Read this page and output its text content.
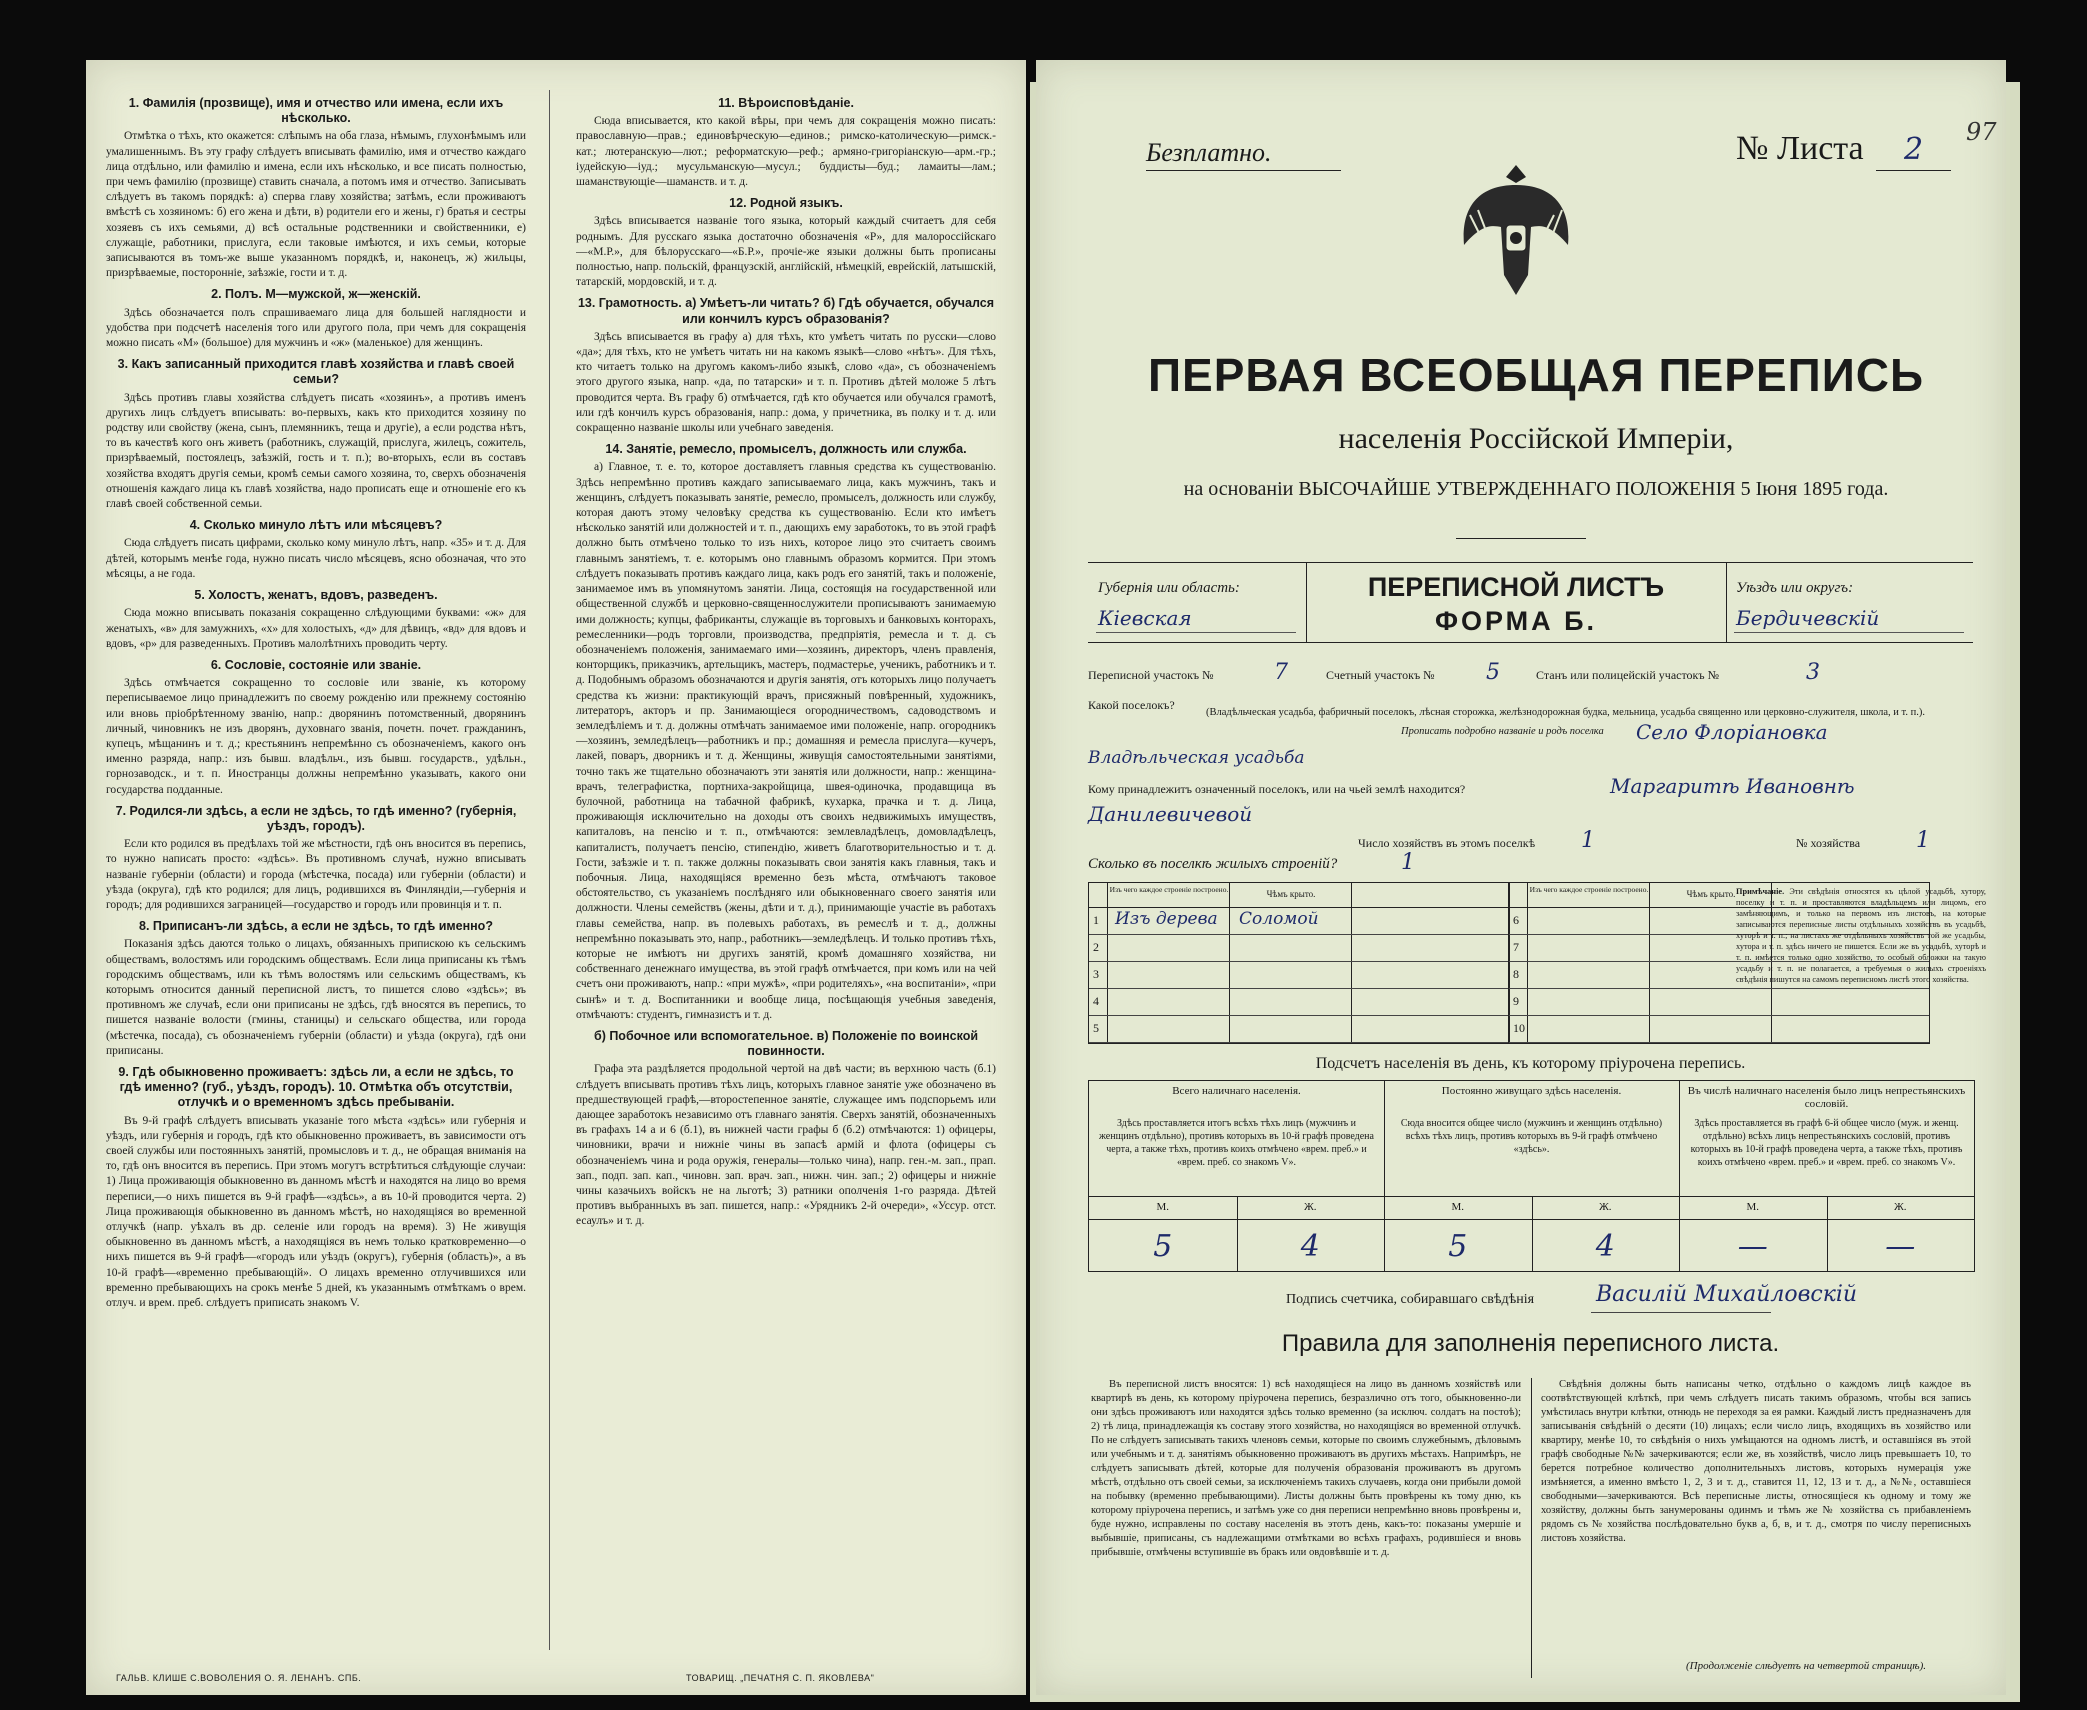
1. Фамилія (прозвище), имя и отчество или имена, если ихъ нѣсколько.

Отмѣтка о тѣхъ, кто окажется: слѣпымъ на оба глаза, нѣмымъ, глухонѣмымъ или умалишеннымъ. Въ эту графу слѣдуетъ вписывать фамилію, имя и отчество каждаго лица отдѣльно, или фамилію и имена, если ихъ нѣсколько, и все писать полностью, при чемъ фамилію (прозвище) ставить сначала, а потомъ имя и отчество. Записывать слѣдуетъ въ такомъ порядкѣ: а) сперва главу хозяйства; затѣмъ, если проживаютъ вмѣстѣ съ хозяиномъ: б) его жена и дѣти, в) родители его и жены, г) братья и сестры хозяевъ съ ихъ семьями, д) всѣ остальные родственники и свойственники, е) служащіе, работники, прислуга, если таковые имѣются, и ихъ семьи, которые записываются въ томъ-же выше указанномъ порядкѣ, и, наконецъ, ж) жильцы, призрѣваемые, посторонніе, заѣзжіе, гости и т. д.

2. Полъ. М—мужской, ж—женскій.

Здѣсь обозначается полъ спрашиваемаго лица для большей наглядности и удобства при подсчетѣ населенія того или другого пола, при чемъ для сокращенія можно писать «М» (большое) для мужчинъ и «ж» (маленькое) для женщинъ.

3. Какъ записанный приходится главѣ хозяйства и главѣ своей семьи?

Здѣсь противъ главы хозяйства слѣдуетъ писать «хозяинъ», а противъ именъ другихъ лицъ слѣдуетъ вписывать: во-первыхъ, какъ кто приходится хозяину по родству или свойству (жена, сынъ, племянникъ, теща и другіе), а если родства нѣтъ, то въ качествѣ кого онъ живетъ (работникъ, служащій, прислуга, жилецъ, сожитель, призрѣваемый, постоялецъ, заѣзжій, гость и т. п.); во-вторыхъ, если въ составъ хозяйства входятъ другія семьи, кромѣ семьи самого хозяина, то, сверхъ обозначенія отношенія каждаго лица къ главѣ хозяйства, надо прописать еще и отношеніе его къ главѣ своей собственной семьи.

4. Сколько минуло лѣтъ или мѣсяцевъ?

Сюда слѣдуетъ писать цифрами, сколько кому минуло лѣтъ, напр. «35» и т. д. Для дѣтей, которымъ менѣе года, нужно писать число мѣсяцевъ, ясно обозначая, что это мѣсяцы, а не года.

5. Холостъ, женатъ, вдовъ, разведенъ.

Сюда можно вписывать показанія сокращенно слѣдующими буквами: «ж» для женатыхъ, «в» для замужнихъ, «х» для холостыхъ, «д» для дѣвицъ, «вд» для вдовъ и вдовъ, «р» для разведенныхъ. Противъ малолѣтнихъ проводить черту.

6. Сословіе, состояніе или званіе.

Здѣсь отмѣчается сокращенно то сословіе или званіе, къ которому переписываемое лицо принадлежитъ по своему рожденію или прежнему состоянію или вновь пріобрѣтенному званію, напр.: дворянинъ потомственный, дворянинъ личный, чиновникъ не изъ дворянъ, духовнаго званія, почетн. почет. гражданинъ, купецъ, мѣщанинъ и т. д.; крестьянинъ непремѣнно съ обозначеніемъ, какого онъ именно разряда, напр.: изъ бывш. владѣльч., изъ бывш. государств., удѣльн., горнозаводск., и т. п. Иностранцы должны непремѣнно указывать, какого они государства подданные.

7. Родился-ли здѣсь, а если не здѣсь, то гдѣ именно? (губернія, уѣздъ, городъ).

Если кто родился въ предѣлахъ той же мѣстности, гдѣ онъ вносится въ перепись, то нужно написать просто: «здѣсь». Въ противномъ случаѣ, нужно вписывать названіе губерніи (области) и города (мѣстечка, посада) или губерніи (области) и уѣзда (округа), гдѣ кто родился; для лицъ, родившихся въ Финляндіи,—губернія и городъ; для родившихся заграницей—государство и городъ или провинція и т. п.

8. Приписанъ-ли здѣсь, а если не здѣсь, то гдѣ именно?

Показанія здѣсь даются только о лицахъ, обязанныхъ припискою къ сельскимъ обществамъ, волостямъ или городскимъ обществамъ. Если лица приписаны къ тѣмъ городскимъ обществамъ, или къ тѣмъ волостямъ или сельскимъ обществамъ, къ которымъ относится данный переписной листъ, то пишется слово «здѣсь»; въ противномъ же случаѣ, если они приписаны не здѣсь, гдѣ вносятся въ перепись, то пишется названіе волости (гмины, станицы) и сельскаго общества, или города (мѣстечка, посада), съ обозначеніемъ губерніи (области) и уѣзда (округа), гдѣ они приписаны.

9. Гдѣ обыкновенно проживаетъ: здѣсь ли, а если не здѣсь, то гдѣ именно? (губ., уѣздъ, городъ). 10. Отмѣтка объ отсутствіи, отлучкѣ и о временномъ здѣсь пребываніи.

Въ 9-й графѣ слѣдуетъ вписывать указаніе того мѣста «здѣсь» или губернія и уѣздъ, или губернія и городъ, гдѣ кто обыкновенно проживаетъ, въ зависимости отъ своей службы или постоянныхъ занятій, промысловъ и т. д., не обращая вниманія на то, гдѣ онъ вносится въ перепись. При этомъ могутъ встрѣтиться слѣдующіе случаи: 1) Лица проживающія обыкновенно въ данномъ мѣстѣ и находятся на лицо во время переписи,—о нихъ пишется въ 9-й графѣ—«здѣсь», а въ 10-й проводится черта. 2) Лица проживающія обыкновенно въ данномъ мѣстѣ, но находящіяся во временной отлучкѣ (напр. уѣхалъ въ др. селеніе или городъ на время). 3) Не живущія обыкновенно въ данномъ мѣстѣ, а находящіяся въ немъ только кратковременно—о нихъ пишется въ 9-й графѣ—«городъ или уѣздъ (округъ), губернія (область)», а въ 10-й графѣ—«временно пребывающій». О лицахъ временно отлучившихся или временно пребывающихъ на срокъ менѣе 5 дней, къ указаннымъ отмѣткамъ о врем. отлуч. и врем. преб. слѣдуетъ приписать знакомъ V.

11. Вѣроисповѣданіе.

Сюда вписывается, кто какой вѣры, при чемъ для сокращенія можно писать: православную—прав.; единовѣрческую—единов.; римско-католическую—римск.-кат.; лютеранскую—лют.; реформатскую—реф.; армяно-григоріанскую—арм.-гр.; іудейскую—іуд.; мусульманскую—мусул.; буддисты—буд.; ламаиты—лам.; шаманствующіе—шаманств. и т. д.

12. Родной языкъ.

Здѣсь вписывается названіе того языка, который каждый считаетъ для себя роднымъ. Для русскаго языка достаточно обозначенія «Р», для малороссійскаго—«М.Р.», для бѣлорусскаго—«Б.Р.», прочіе-же языки должны быть прописаны полностью, напр. польскій, французскій, англійскій, нѣмецкій, еврейскій, латышскій, татарскій, мордовскій, и т. д.

13. Грамотность. а) Умѣетъ-ли читать? б) Гдѣ обучается, обучался или кончилъ курсъ образованія?

Здѣсь вписывается въ графу а) для тѣхъ, кто умѣетъ читать по русски—слово «да»; для тѣхъ, кто не умѣетъ читать ни на какомъ языкѣ—слово «нѣтъ». Для тѣхъ, кто читаетъ только на другомъ какомъ-либо языкѣ, слово «да», съ обозначеніемъ этого другого языка, напр. «да, по татарски» и т. п. Противъ дѣтей моложе 5 лѣтъ проводится черта. Въ графу б) отмѣчается, гдѣ кто обучается или обучался грамотѣ, или гдѣ кончилъ курсъ образованія, напр.: дома, у причетника, въ полку и т. д. или сокращенно названіе школы или учебнаго заведенія.

14. Занятіе, ремесло, промыселъ, должность или служба.

а) Главное, т. е. то, которое доставляетъ главныя средства къ существованію. Здѣсь непремѣнно противъ каждаго записываемаго лица, какъ мужчинъ, такъ и женщинъ, слѣдуетъ показывать занятіе, ремесло, промыселъ, должность или службу, которая даютъ этому человѣку средства къ существованію. Если кто имѣетъ нѣсколько занятій или должностей и т. п., дающихъ ему заработокъ, то въ этой графѣ должно быть отмѣчено только то изъ нихъ, которое лицо это считаетъ своимъ главнымъ занятіемъ, т. е. которымъ оно главнымъ образомъ кормится. При этомъ слѣдуетъ показывать противъ каждаго лица, какъ родъ его занятій, такъ и положеніе, занимаемое имъ въ упомянутомъ занятіи. Лица, состоящія на государственной или общественной службѣ и церковно-священнослужители прописываютъ занимаемую ими должность; купцы, фабриканты, служащіе въ торговыхъ и банковыхъ конторахъ, ремесленники—родъ торговли, производства, предпріятія, ремесла и т. д. съ обозначеніемъ положенія, занимаемаго ими—хозяинъ, директоръ, членъ правленія, конторщикъ, приказчикъ, артельщикъ, мастеръ, подмастерье, ученикъ, работникъ и т. д. Подобнымъ образомъ обозначаются и другія занятія, отъ которыхъ лицо получаетъ средства къ жизни: практикующій врачъ, присяжный повѣренный, художникъ, литераторъ, акторъ и пр. Занимающіеся огородничествомъ, садоводствомъ и земледѣліемъ и т. д. должны отмѣчать занимаемое ими положеніе, напр. огородникъ—хозяинъ, земледѣлецъ—работникъ и пр.; домашняя и ремесла прислуга—кучеръ, лакей, поваръ, дворникъ и т. д. Женщины, живущія самостоятельными занятіями, точно такъ же тщательно обозначаютъ эти занятія или должности, напр.: женщина-врачъ, телеграфистка, портниха-закройщица, швея-одиночка, продавщица въ булочной, работница на табачной фабрикѣ, кухарка, прачка и т. д. Лица, проживающія исключительно на доходы отъ своихъ недвижимыхъ имуществъ, капиталовъ, на пенсію и т. п., отмѣчаются: землевладѣлецъ, домовладѣлецъ, капиталистъ, получаетъ пенсію, стипендію, живетъ благотворительностью и т. д. Гости, заѣзжіе и т. п. также должны показывать свои занятія какъ главныя, такъ и побочныя. Лица, находящіяся временно безъ мѣста, отмѣчаютъ таковое обстоятельство, съ указаніемъ послѣдняго или обыкновеннаго своего занятія или должности. Члены семействъ (жены, дѣти и т. д.), принимающіе участіе въ работахъ главы семейства, напр. въ полевыхъ работахъ, въ ремеслѣ и т. д., должны непремѣнно показывать это, напр., работникъ—земледѣлецъ. И только противъ тѣхъ, которые не имѣютъ ни другихъ занятій, кромѣ домашняго хозяйства, ни собственнаго денежнаго имущества, въ этой графѣ отмѣчается, при комъ или на чей счетъ они проживаютъ, напр.: «при мужѣ», «при родителяхъ», «на воспитаніи», «при сынѣ» и т. д. Воспитанники и вообще лица, посѣщающія учебныя заведенія, отмѣчаютъ: студентъ, гимназистъ и т. д.

б) Побочное или вспомогательное. в) Положеніе по воинской повинности.

Графа эта раздѣляется продольной чертой на двѣ части; въ верхнюю часть (б.1) слѣдуетъ вписывать противъ тѣхъ лицъ, которыхъ главное занятіе уже обозначено въ предшествующей графѣ,—второстепенное занятіе, служащее имъ подспорьемъ или дающее заработокъ независимо отъ главнаго занятія. Сверхъ занятій, обозначенныхъ въ графахъ 14 а и 6 (б.1), въ нижней части графы б (б.2) отмѣчаются: 1) офицеры, чиновники, врачи и нижніе чины въ запасѣ армій и флота (офицеры съ обозначеніемъ чина и рода оружія, генералы—только чина), напр. ген.-м. зап., прап. зап., подп. зап. кап., чиновн. зап. врач. зап., нижн. чин. зап.; 2) офицеры и нижніе чины казачьихъ войскъ не на льготѣ; 3) ратники ополченія 1-го разряда. Дѣтей противъ выбранныхъ въ зап. пишется, напр.: «Урядникъ 2-й очереди», «Уссур. отст. есаулъ» и т. д.

ГАЛЬВ. КЛИШЕ С.ВОВОЛЕНИЯ О. Я. ЛЕНАНЪ. СПБ.	ТОВАРИЩ. „ПЕЧАТНЯ С. П. ЯКОВЛЕВА"
Безплатно.	№ Листа 2 97
ПЕРВАЯ ВСЕОБЩАЯ ПЕРЕПИСЬ
населенія Россійской Имперіи,
на основаніи ВЫСОЧАЙШЕ УТВЕРЖДЕННАГО ПОЛОЖЕНІЯ 5 Іюня 1895 года.
Губернія или область:
Кіевская
ПЕРЕПИСНОЙ ЛИСТЪ
ФОРМА Б.
Уѣздъ или округъ:
Бердичевскій
Переписной участокъ №	7	Счетный участокъ № 5	Станъ или полицейскій участокъ №	3
Какой поселокъ?
(Владѣльческая усадьба, фабричный поселокъ, лѣсная сторожка, желѣзнодорожная будка, мельница, усадьба священно или церковно-служителя, школа, и т. п.).
Прописать подробно названіе и родъ поселка Село Флоріановка
Владѣльческая усадьба
Кому принадлежитъ означенный поселокъ, или на чьей землѣ находится?	Маргаритѣ Ивановнѣ
Данилевичевой
Число хозяйствъ въ этомъ поселкѣ 1	№ хозяйства	1
Сколько въ поселкѣ жилыхъ строеній?	1
Изъ чего каждое строеніе построено.	Чѣмъ крыто.
1 Изъ дерева Соломой
2
3
4
5
Изъ чего каждое строеніе построено.	Чѣмъ крыто.
6
7
8
9
10
Примѣчаніе. Эти свѣдѣнія относятся къ цѣлой усадьбѣ, хутору, поселку и т. п. и проставляются владѣльцемъ или лицомъ, его замѣняющимъ, и только на первомъ изъ листовъ, на которые записываются переписные листы отдѣльныхъ хозяйствъ въ усадьбѣ, хуторѣ и т. п.; на листахъ же отдѣльныхъ хозяйствъ той же усадьбы, хутора и т. п. здѣсь ничего не пишется. Если же въ усадьбѣ, хуторѣ и т. п. имѣется только одно хозяйство, то особый обложки на такую усадьбу и т. п. не полагается, а требуемыя о жилыхъ строеніяхъ свѣдѣнія пишутся на самомъ переписномъ листѣ этого хозяйства.
Подсчетъ населенія въ день, къ которому пріурочена перепись.
Всего наличнаго населенія.
Здѣсь проставляется итогъ всѣхъ тѣхъ лицъ (мужчинъ и женщинъ отдѣльно), противъ которыхъ въ 10-й графѣ проведена черта, а также тѣхъ, противъ коихъ отмѣчено «врем. преб.» и «врем. преб. со знакомъ V».
М.
5
Ж.
4
Постоянно живущаго здѣсь населенія.
Сюда вносится общее число (мужчинъ и женщинъ отдѣльно) всѣхъ тѣхъ лицъ, противъ которыхъ въ 9-й графѣ отмѣчено «здѣсь».
М.
5
Ж.
4
Въ числѣ наличнаго населенія было лицъ непрестьянскихъ сословій.
Здѣсь проставляется въ графѣ 6-й общее число (муж. и женщ. отдѣльно) всѣхъ лицъ непрестьянскихъ сословій, противъ которыхъ въ 10-й графѣ проведена черта, а также тѣхъ, противъ коихъ отмѣчено «врем. преб.» и «врем. преб. со знакомъ V».
М.
—
Ж.
—
Подпись счетчика, собиравшаго свѣдѣнія	Василій Михайловскій
Правила для заполненія переписного листа.
Въ переписной листъ вносятся: 1) всѣ находящіеся на лицо въ данномъ хозяйствѣ или квартирѣ въ день, къ которому пріурочена перепись, безразлично отъ того, обыкновенно-ли они здѣсь проживаютъ или находятся здѣсь только временно (за исключ. солдатъ на постоѣ); 2) тѣ лица, принадлежащія къ составу этого хозяйства, но находящіяся во временной отлучкѣ. По не слѣдуетъ записывать такихъ членовъ семьи, которые по своимъ служебнымъ, дѣловымъ или учебнымъ и т. д. занятіямъ обыкновенно проживаютъ въ другихъ мѣстахъ. Напримѣръ, не слѣдуетъ записывать дѣтей, которые для полученія образованія проживаютъ въ другомъ мѣстѣ, отдѣльно отъ своей семьи, за исключеніемъ такихъ случаевъ, когда они прибыли домой на побывку (временно пребывающими). Листы должны быть провѣрены къ тому дню, къ которому пріурочена перепись, и затѣмъ уже со дня переписи непремѣнно вновь провѣрены и, буде нужно, исправлены по составу населенія въ этотъ день, какъ-то: показаны умершіе и выбывшіе, приписаны, съ надлежащими отмѣтками во всѣхъ графахъ, родившіеся и вновь прибывшіе, отмѣчены вступившіе въ бракъ или овдовѣвшіе и т. д.
Свѣдѣнія должны быть написаны четко, отдѣльно о каждомъ лицѣ каждое въ соотвѣтствующей клѣткѣ, при чемъ слѣдуетъ писать такимъ образомъ, чтобы вся запись умѣстилась внутри клѣтки, отнюдь не переходя за ея рамки. Каждый листъ предназначенъ для записыванія свѣдѣній о десяти (10) лицахъ; если число лицъ, входящихъ въ хозяйство или квартиру, менѣе 10, то свѣдѣнія о нихъ умѣщаются на одномъ листѣ, и оставшіяся въ этой графѣ свободные №№ зачеркиваются; если же, въ хозяйствѣ, число лицъ превышаетъ 10, то берется потребное количество дополнительныхъ листовъ, которыхъ нумерація уже измѣняется, а именно вмѣсто 1, 2, 3 и т. д., ставится 11, 12, 13 и т. д., а №№, оставшіеся свободными—зачеркиваются. Всѣ переписные листы, относящіеся къ одному и тому же хозяйству, должны быть занумерованы одинмъ и тѣмъ же № хозяйства съ прибавленіемъ рядомъ съ № хозяйства послѣдовательно букв а, б, в, и т. д., смотря по числу переписныхъ листовъ хозяйства.
(Продолженіе слѣдуетъ на четвертой страницѣ).
